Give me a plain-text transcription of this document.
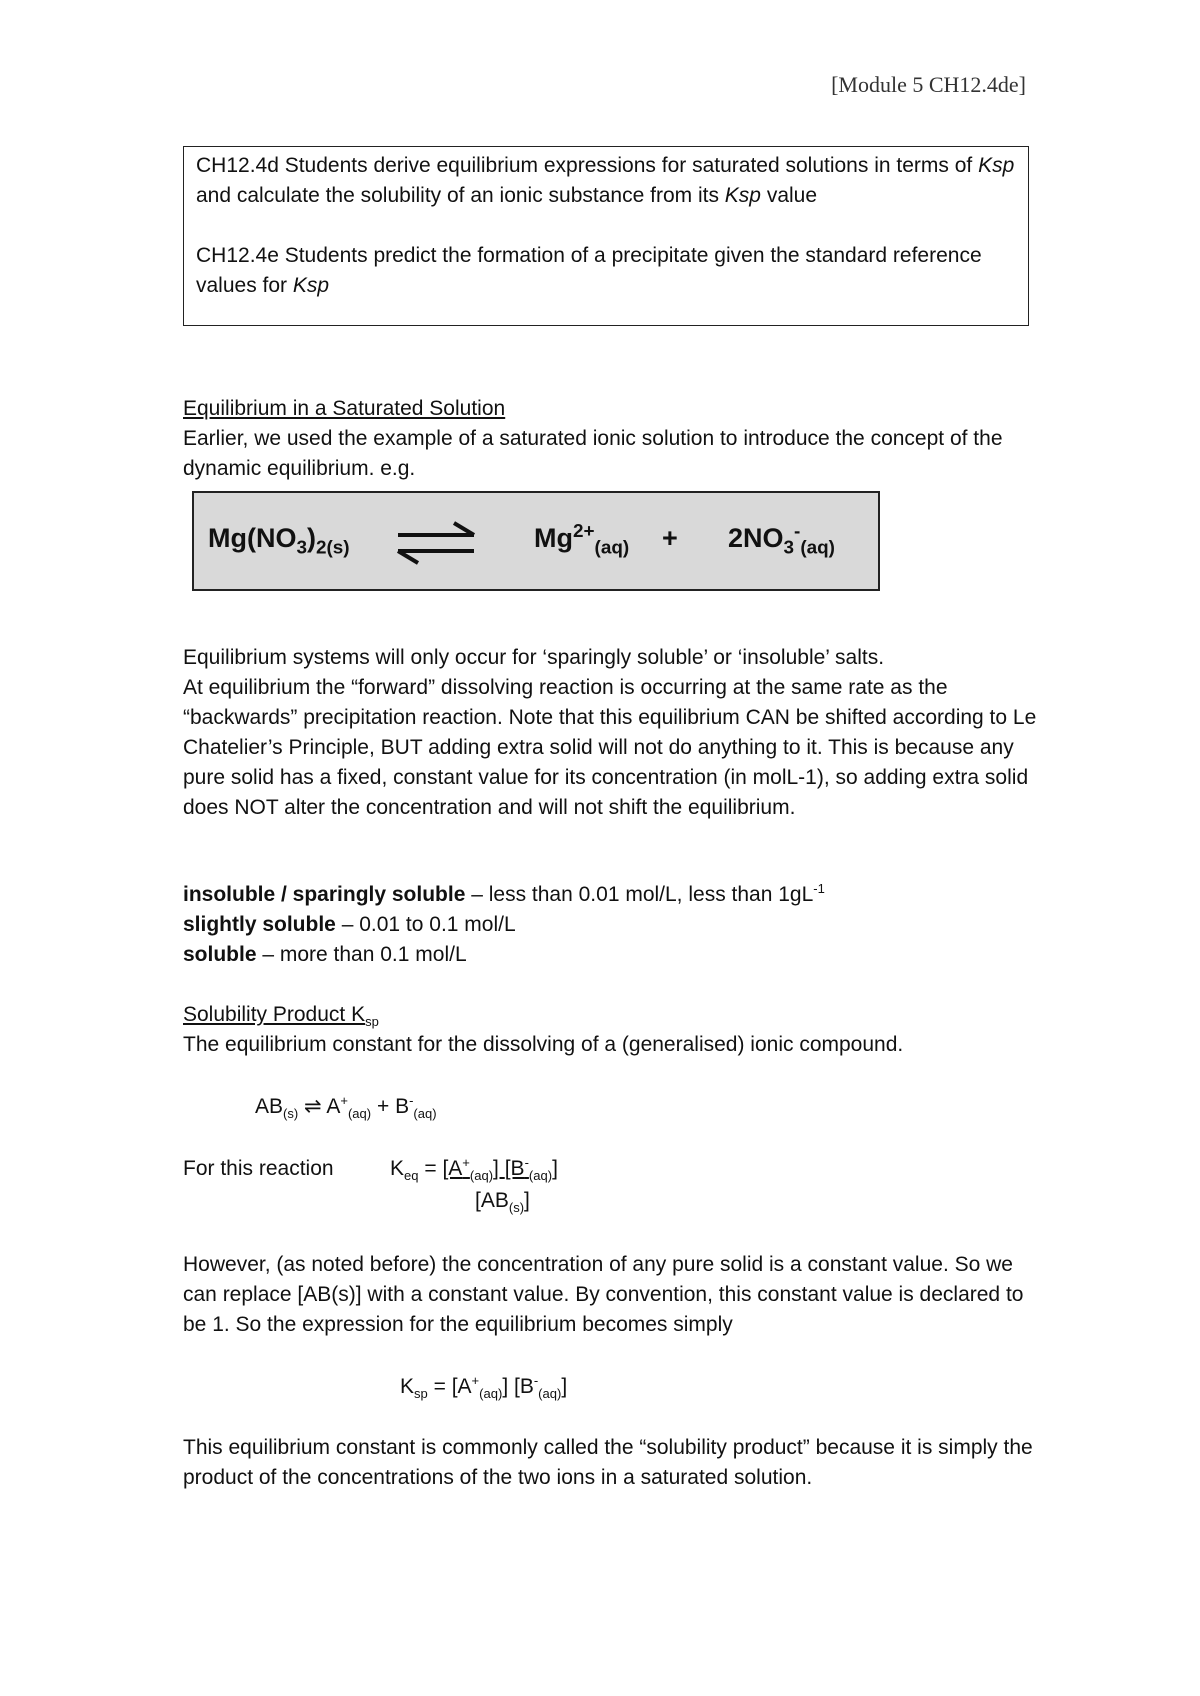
[Module 5 CH12.4de]

CH12.4d Students derive equilibrium expressions for saturated solutions in terms of Ksp and calculate the solubility of an ionic substance from its Ksp value

CH12.4e Students predict the formation of a precipitate given the standard reference values for Ksp

Equilibrium in a Saturated Solution

Earlier, we used the example of a saturated ionic solution to introduce the concept of the dynamic equilibrium. e.g.

$Mg(NO_3)_{2(s)}$	$Mg^{2+}_{(aq)} + 2NO_3^-_{(aq)}$

Equilibrium systems will only occur for ‘sparingly soluble’ or ‘insoluble’ salts.

At equilibrium the “forward” dissolving reaction is occurring at the same rate as the “backwards” precipitation reaction. Note that this equilibrium CAN be shifted according to Le Chatelier’s Principle, BUT adding extra solid will not do anything to it. This is because any pure solid has a fixed, constant value for its concentration (in molL-1), so adding extra solid does NOT alter the concentration and will not shift the equilibrium.

insoluble / sparingly soluble – less than 0.01 mol/L, less than $1gL^{-1}$

slightly soluble – 0.01 to 0.1 mol/L

soluble – more than 0.1 mol/L

Solubility Product $K_{sp}$

The equilibrium constant for the dissolving of a (generalised) ionic compound.

$AB_{(s)}$ ⇌ $A^+_{(aq)} + B^-_{(aq)}$
For this reaction	$K_{eq} = [A^+_{(aq)}]$ $[B^-_{(aq)}]$
$[AB_{(s)}]$

However, (as noted before) the concentration of any pure solid is a constant value. So we can replace [AB(s)] with a constant value. By convention, this constant value is declared to be 1. So the expression for the equilibrium becomes simply

$K_{sp} = [A^+_{(aq)}]$ $[B^-_{(aq)}]$

This equilibrium constant is commonly called the “solubility product” because it is simply the product of the concentrations of the two ions in a saturated solution.
